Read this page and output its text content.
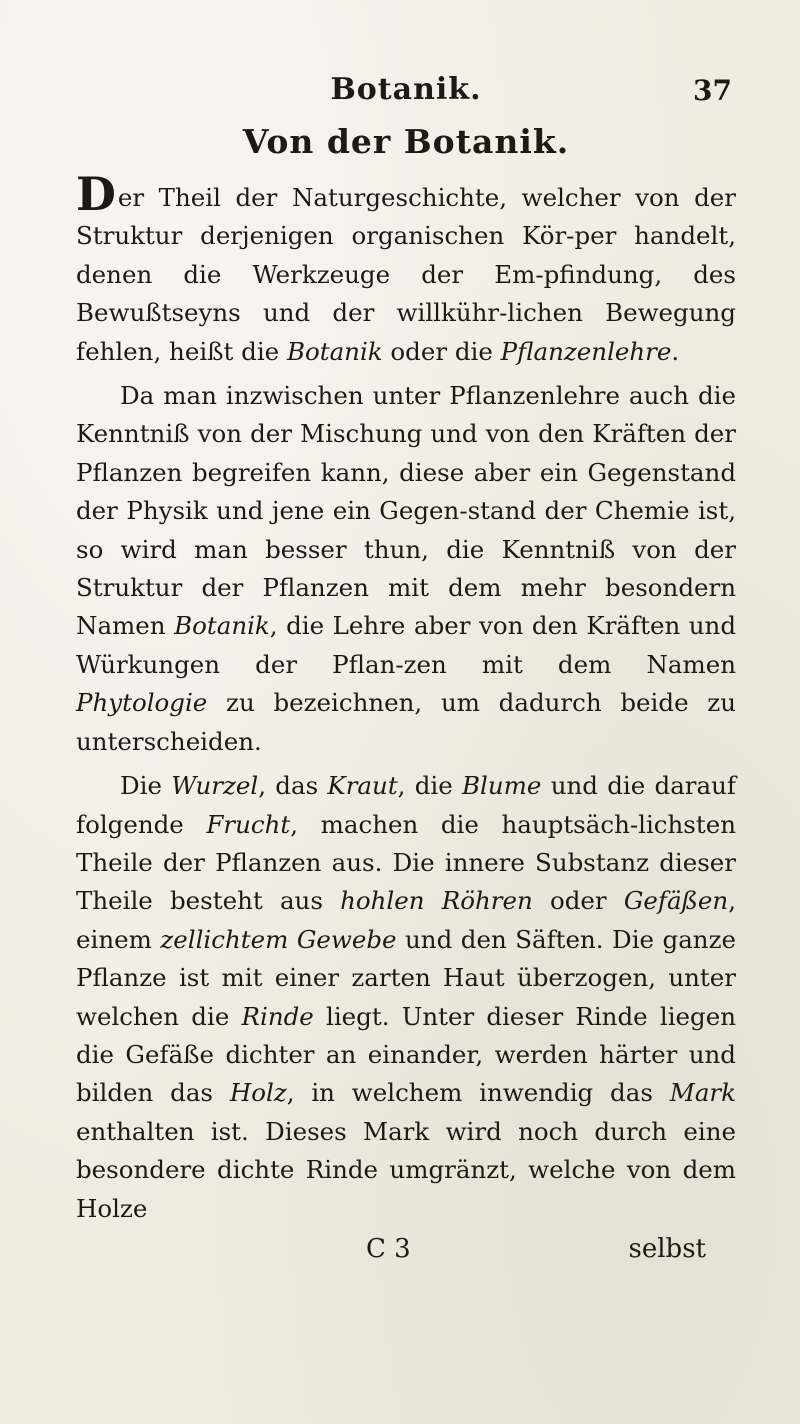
Botanik.	37
Von der Botanik.

Der Theil der Naturgeschichte, welcher von der Struktur derjenigen organischen Kör-per handelt, denen die Werkzeuge der Em-pfindung, des Bewußtseyns und der willkühr-lichen Bewegung fehlen, heißt die Botanik oder die Pflanzenlehre.

Da man inzwischen unter Pflanzenlehre auch die Kenntniß von der Mischung und von den Kräften der Pflanzen begreifen kann, diese aber ein Gegenstand der Physik und jene ein Gegen-stand der Chemie ist, so wird man besser thun, die Kenntniß von der Struktur der Pflanzen mit dem mehr besondern Namen Botanik, die Lehre aber von den Kräften und Würkungen der Pflan-zen mit dem Namen Phytologie zu bezeichnen, um dadurch beide zu unterscheiden.

Die Wurzel, das Kraut, die Blume und die darauf folgende Frucht, machen die hauptsäch-lichsten Theile der Pflanzen aus. Die innere Substanz dieser Theile besteht aus hohlen Röhren oder Gefäßen, einem zellichtem Gewebe und den Säften. Die ganze Pflanze ist mit einer zarten Haut überzogen, unter welchen die Rinde liegt. Unter dieser Rinde liegen die Gefäße dichter an einander, werden härter und bilden das Holz, in welchem inwendig das Mark enthalten ist. Dieses Mark wird noch durch eine besondere dichte Rinde umgränzt, welche von dem Holze

C 3	selbst
